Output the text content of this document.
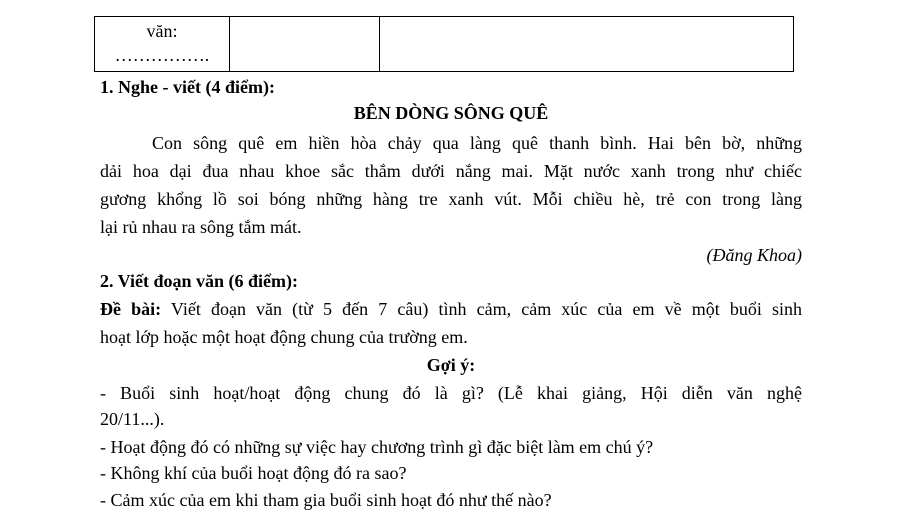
văn:
…………….

1. Nghe - viết (4 điểm):
BÊN DÒNG SÔNG QUÊ
Con sông quê em hiền hòa chảy qua làng quê thanh bình. Hai bên bờ, những
dải hoa dại đua nhau khoe sắc thắm dưới nắng mai. Mặt nước xanh trong như chiếc
gương khổng lồ soi bóng những hàng tre xanh vút. Mỗi chiều hè, trẻ con trong làng
lại rủ nhau ra sông tắm mát.
(Đăng Khoa)
2. Viết đoạn văn (6 điểm):
Đề bài: Viết đoạn văn (từ 5 đến 7 câu) tình cảm, cảm xúc của em về một buổi sinh
hoạt lớp hoặc một hoạt động chung của trường em.
Gợi ý:
- Buổi sinh hoạt/hoạt động chung đó là gì? (Lễ khai giảng, Hội diễn văn nghệ
20/11...).
- Hoạt động đó có những sự việc hay chương trình gì đặc biệt làm em chú ý?
- Không khí của buổi hoạt động đó ra sao?
- Cảm xúc của em khi tham gia buổi sinh hoạt đó như thế nào?
